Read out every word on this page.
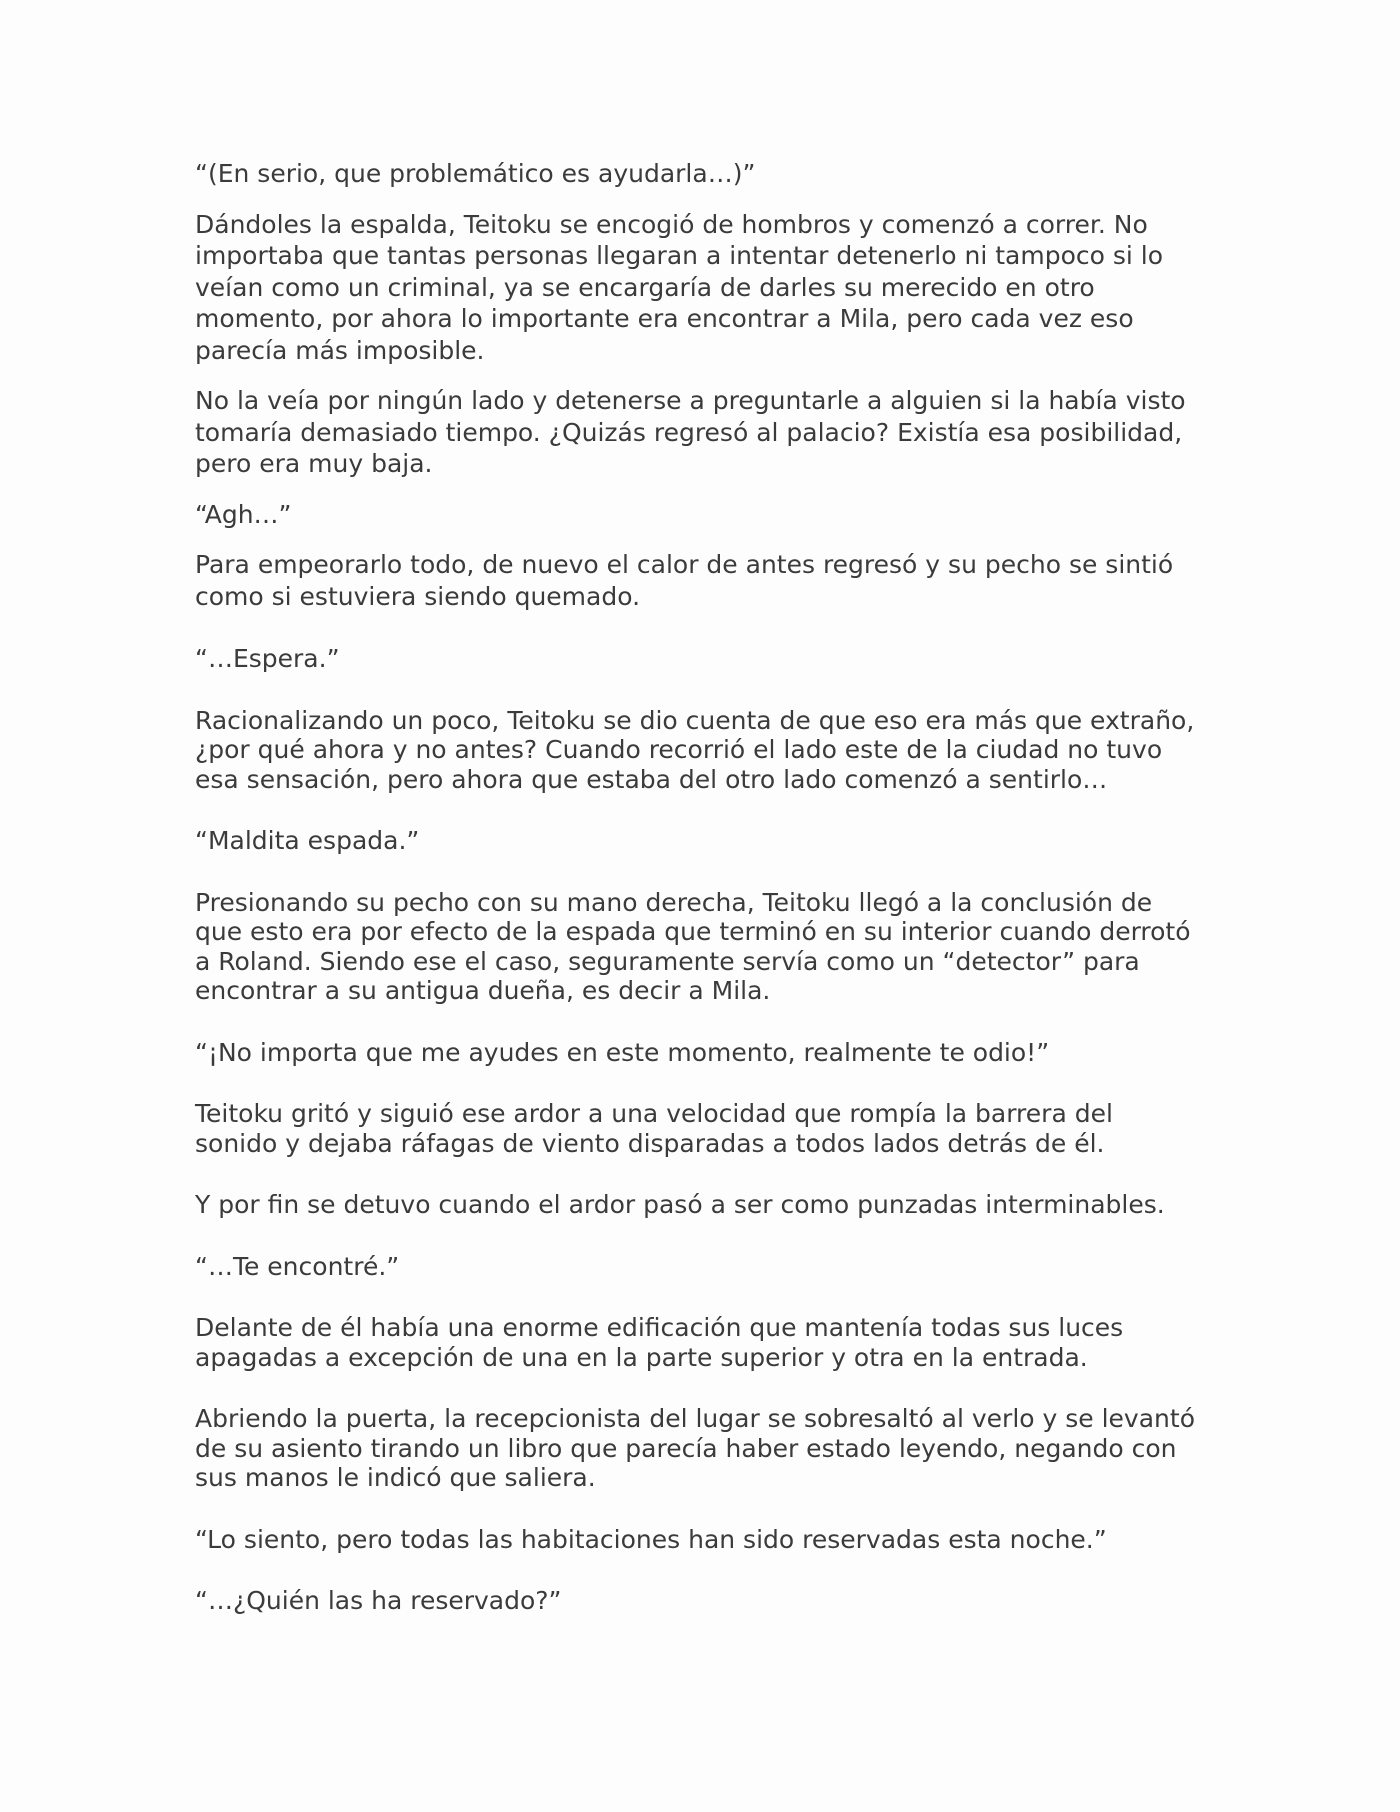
“(En serio, que problemático es ayudarla…)”

Dándoles la espalda, Teitoku se encogió de hombros y comenzó a correr. No

importaba que tantas personas llegaran a intentar detenerlo ni tampoco si lo

veían como un criminal, ya se encargaría de darles su merecido en otro

momento, por ahora lo importante era encontrar a Mila, pero cada vez eso

parecía más imposible.

No la veía por ningún lado y detenerse a preguntarle a alguien si la había visto

tomaría demasiado tiempo. ¿Quizás regresó al palacio? Existía esa posibilidad,

pero era muy baja.

“Agh…”

Para empeorarlo todo, de nuevo el calor de antes regresó y su pecho se sintió

como si estuviera siendo quemado.

“…Espera.”

Racionalizando un poco, Teitoku se dio cuenta de que eso era más que extraño,

¿por qué ahora y no antes? Cuando recorrió el lado este de la ciudad no tuvo

esa sensación, pero ahora que estaba del otro lado comenzó a sentirlo…

“Maldita espada.”

Presionando su pecho con su mano derecha, Teitoku llegó a la conclusión de

que esto era por efecto de la espada que terminó en su interior cuando derrotó

a Roland. Siendo ese el caso, seguramente servía como un “detector” para

encontrar a su antigua dueña, es decir a Mila.

“¡No importa que me ayudes en este momento, realmente te odio!”

Teitoku gritó y siguió ese ardor a una velocidad que rompía la barrera del

sonido y dejaba ráfagas de viento disparadas a todos lados detrás de él.

Y por fin se detuvo cuando el ardor pasó a ser como punzadas interminables.

“…Te encontré.”

Delante de él había una enorme edificación que mantenía todas sus luces

apagadas a excepción de una en la parte superior y otra en la entrada.

Abriendo la puerta, la recepcionista del lugar se sobresaltó al verlo y se levantó

de su asiento tirando un libro que parecía haber estado leyendo, negando con

sus manos le indicó que saliera.

“Lo siento, pero todas las habitaciones han sido reservadas esta noche.”

“…¿Quién las ha reservado?”
